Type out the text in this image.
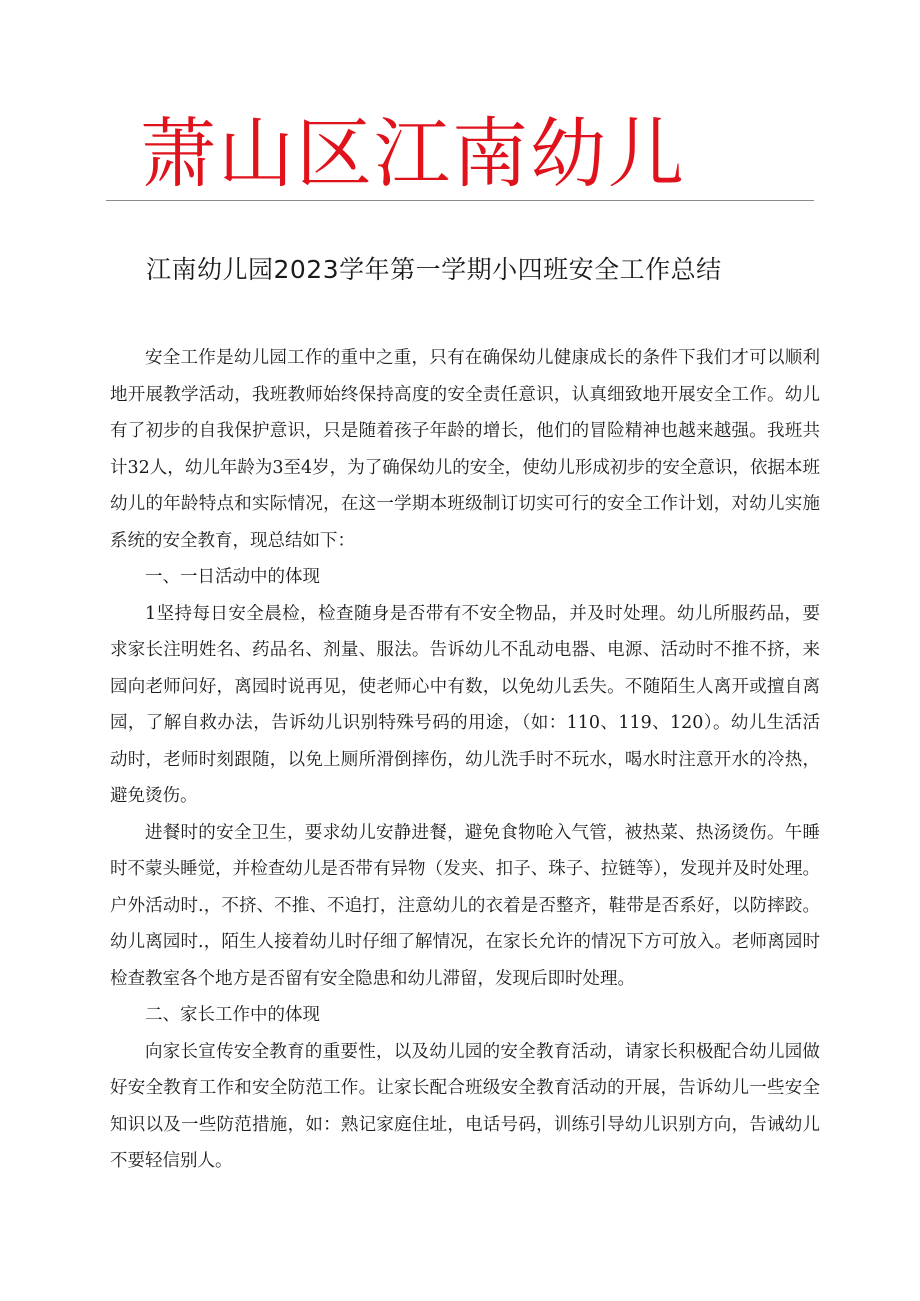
萧山区江南幼儿
江南幼儿园2023学年第一学期小四班安全工作总结

安全工作是幼儿园工作的重中之重，只有在确保幼儿健康成长的条件下我们才可以顺利地开展教学活动，我班教师始终保持高度的安全责任意识，认真细致地开展安全工作。幼儿有了初步的自我保护意识，只是随着孩子年龄的增长，他们的冒险精神也越来越强。我班共计32人，幼儿年龄为3至4岁，为了确保幼儿的安全，使幼儿形成初步的安全意识，依据本班幼儿的年龄特点和实际情况，在这一学期本班级制订切实可行的安全工作计划，对幼儿实施系统的安全教育，现总结如下：

一、一日活动中的体现

1坚持每日安全晨检，检查随身是否带有不安全物品，并及时处理。幼儿所服药品，要求家长注明姓名、药品名、剂量、服法。告诉幼儿不乱动电器、电源、活动时不推不挤，来园向老师问好，离园时说再见，使老师心中有数，以免幼儿丢失。不随陌生人离开或擅自离园，了解自救办法，告诉幼儿识别特殊号码的用途，（如：110、119、120）。幼儿生活活动时，老师时刻跟随，以免上厕所滑倒摔伤，幼儿洗手时不玩水，喝水时注意开水的冷热，避免烫伤。

进餐时的安全卫生，要求幼儿安静进餐，避免食物呛入气管，被热菜、热汤烫伤。午睡时不蒙头睡觉，并检查幼儿是否带有异物（发夹、扣子、珠子、拉链等），发现并及时处理。户外活动时.，不挤、不推、不追打，注意幼儿的衣着是否整齐，鞋带是否系好，以防摔跤。幼儿离园时.，陌生人接着幼儿时仔细了解情况，在家长允许的情况下方可放入。老师离园时检查教室各个地方是否留有安全隐患和幼儿滞留，发现后即时处理。

二、家长工作中的体现

向家长宣传安全教育的重要性，以及幼儿园的安全教育活动，请家长积极配合幼儿园做好安全教育工作和安全防范工作。让家长配合班级安全教育活动的开展，告诉幼儿一些安全知识以及一些防范措施，如：熟记家庭住址，电话号码，训练引导幼儿识别方向，告诫幼儿不要轻信别人。
